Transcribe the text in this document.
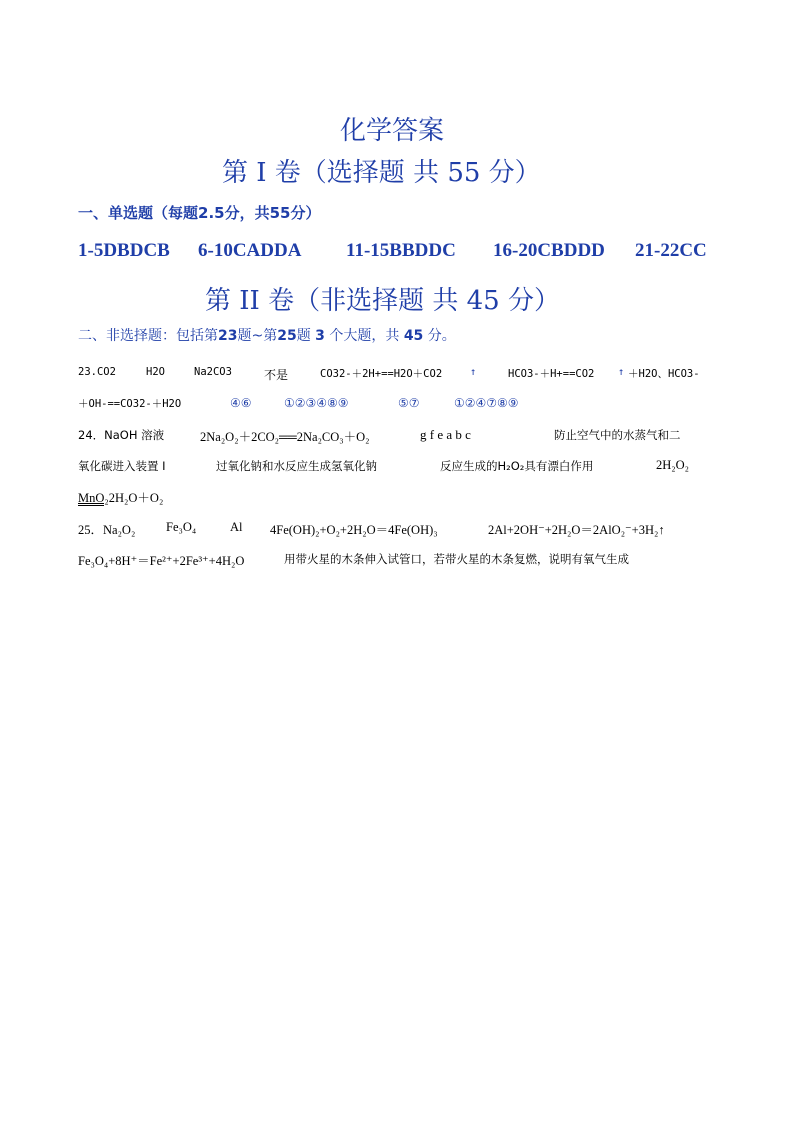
化学答案
第 I 卷（选择题 共 55 分）
一、单选题（每题2.5分，共55分）
1-5DBDCB 6-10CADDA 11-15BBDDC 16-20CBDDD 21-22CC
第 II 卷（非选择题 共 45 分）
二、非选择题：包括第23题~第25题 3 个大题，共 45 分。
23.CO2	H2O	Na2CO3	不是	CO32-＋2H+==H2O＋CO2	↑	HCO3-＋H+==CO2 ↑ ＋H2O、HCO3-
＋OH-==CO32-＋H2O	④⑥	①②③④⑧⑨	⑤⑦	①②④⑦⑧⑨
24．NaOH 溶液	2Na₂O₂＋2CO₂══2Na₂CO₃＋O₂	g f e a b c	防止空气中的水蒸气和二
氧化碳进入装置 I	过氧化钠和水反应生成氢氧化钠	反应生成的H₂O₂具有漂白作用	2H₂O₂
MnO₂2H₂O＋O₂
25．Na₂O₂ Fe₃O₄	Al 4Fe(OH)₂+O₂+2H₂O＝4Fe(OH)₃	2Al+2OH⁻+2H₂O＝2AlO₂⁻+3H₂↑
Fe₃O₄+8H⁺＝Fe²⁺+2Fe³⁺+4H₂O	用带火星的木条伸入试管口，若带火星的木条复燃，说明有氧气生成
